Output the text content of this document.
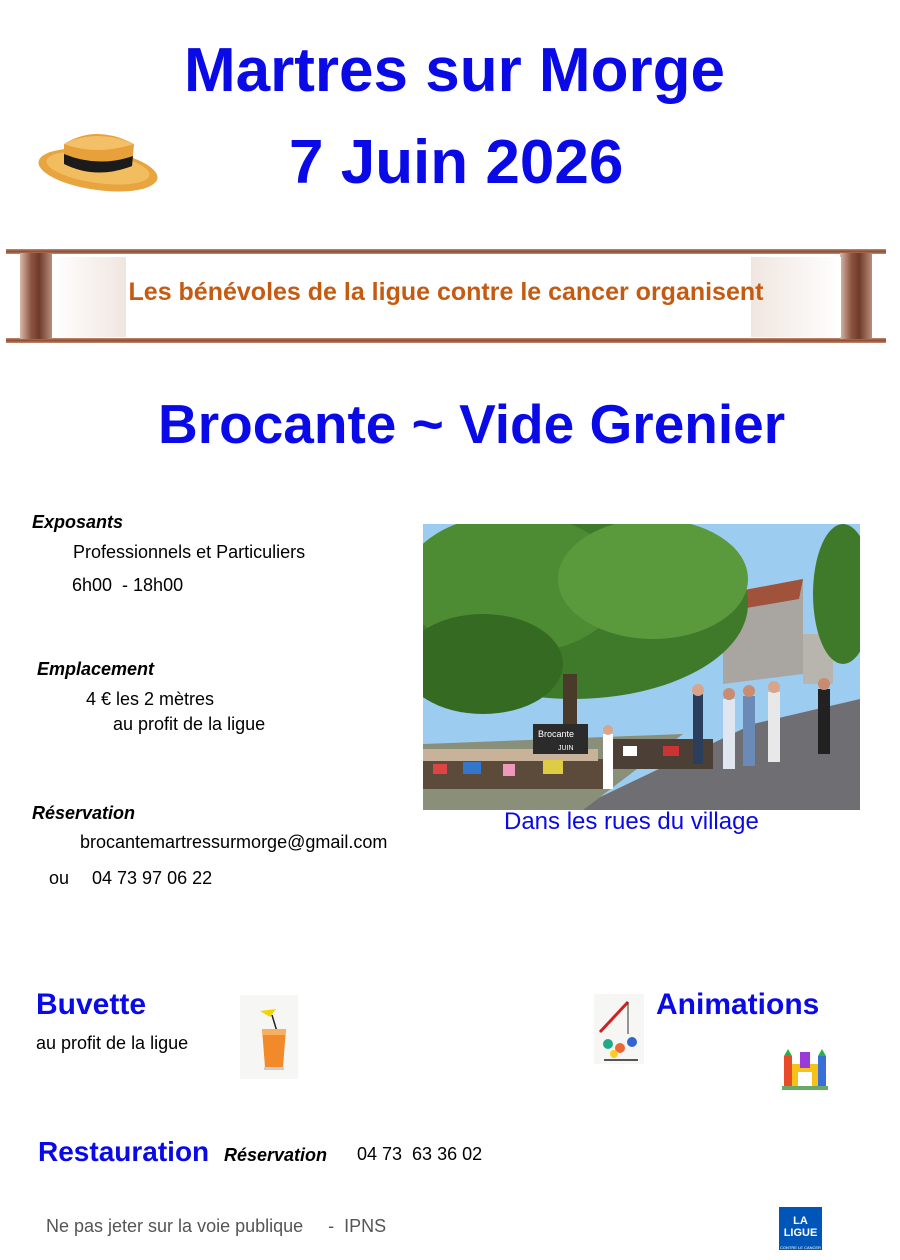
Martres sur Morge
7 Juin 2026
Les bénévoles de la ligue contre le cancer organisent
Brocante ~ Vide Grenier
Exposants
Professionnels et Particuliers
6h00  - 18h00
Emplacement
4 € les 2 mètres
au profit de la ligue
Réservation
brocantemartressurmorge@gmail.com
ou 04 73 97 06 22
Brocante
JUIN
Dans les rues du village
Buvette
au profit de la ligue
Animations
Restauration Réservation 04 73  63 36 02
Ne pas jeter sur la voie publique     -  IPNS	LA LIGUE
CONTRE LE CANCER
